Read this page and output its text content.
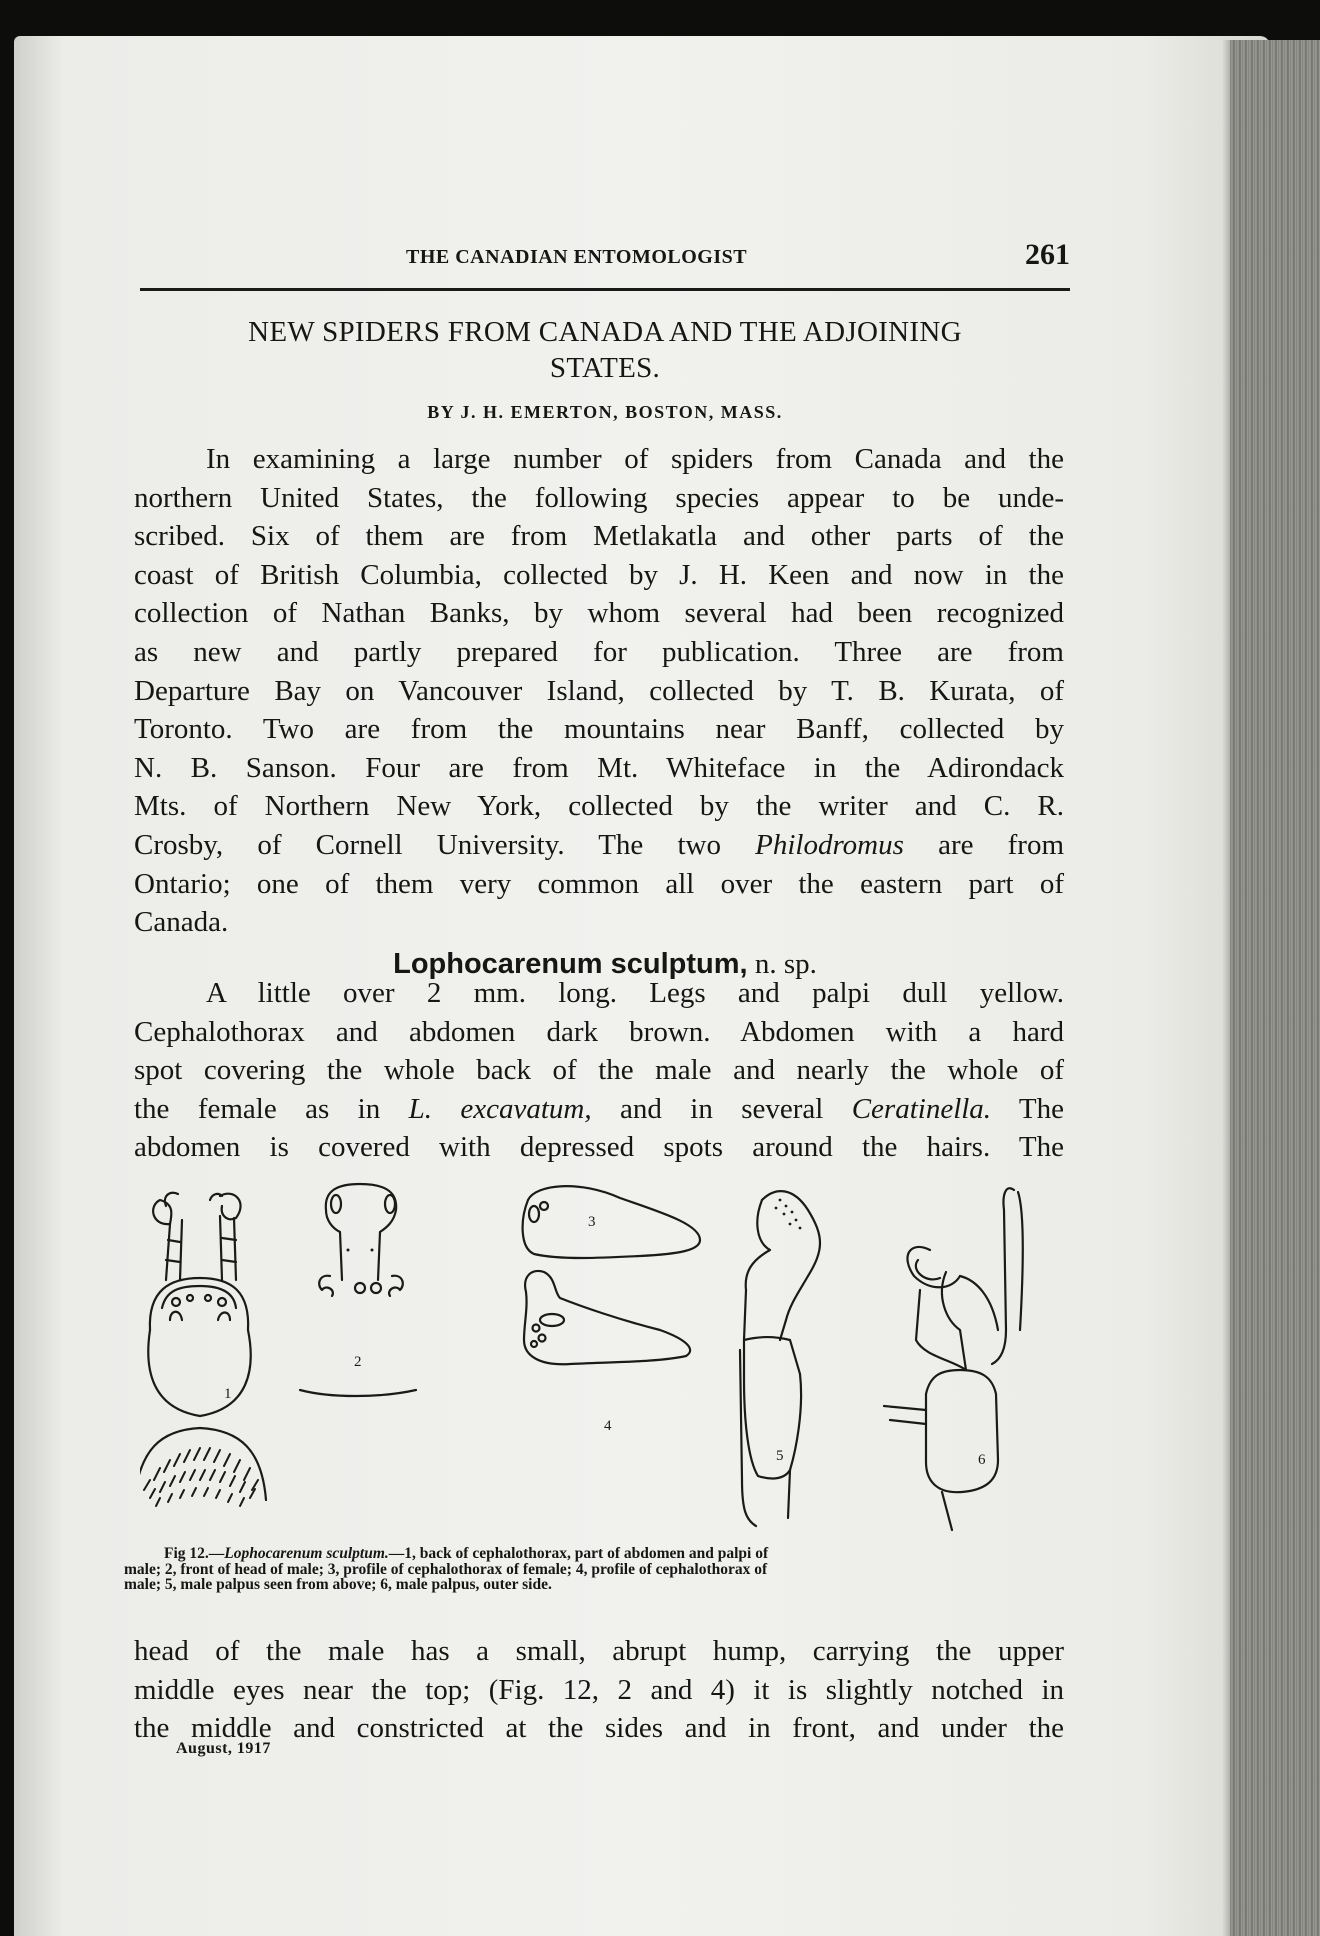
THE CANADIAN ENTOMOLOGIST	261
NEW SPIDERS FROM CANADA AND THE ADJOINING
STATES.
BY J. H. EMERTON, BOSTON, MASS.
In examining a large number of spiders from Canada and the
northern United States, the following species appear to be unde-
scribed. Six of them are from Metlakatla and other parts of the
coast of British Columbia, collected by J. H. Keen and now in the
collection of Nathan Banks, by whom several had been recognized
as new and partly prepared for publication. Three are from
Departure Bay on Vancouver Island, collected by T. B. Kurata, of
Toronto. Two are from the mountains near Banff, collected by
N. B. Sanson. Four are from Mt. Whiteface in the Adirondack
Mts. of Northern New York, collected by the writer and C. R.
Crosby, of Cornell University. The two Philodromus are from
Ontario; one of them very common all over the eastern part of
Canada.
Lophocarenum sculptum, n. sp.
A little over 2 mm. long. Legs and palpi dull yellow.
Cephalothorax and abdomen dark brown. Abdomen with a hard
spot covering the whole back of the male and nearly the whole of
the female as in L. excavatum, and in several Ceratinella. The
abdomen is covered with depressed spots around the hairs. The
1
2
3
4
5	6
Fig 12.—Lophocarenum sculptum.—1, back of cephalothorax, part of abdomen and palpi of
male; 2, front of head of male; 3, profile of cephalothorax of female; 4, profile of cephalothorax of
male; 5, male palpus seen from above; 6, male palpus, outer side.
head of the male has a small, abrupt hump, carrying the upper
middle eyes near the top; (Fig. 12, 2 and 4) it is slightly notched in
the middle and constricted at the sides and in front, and under the
August, 1917
